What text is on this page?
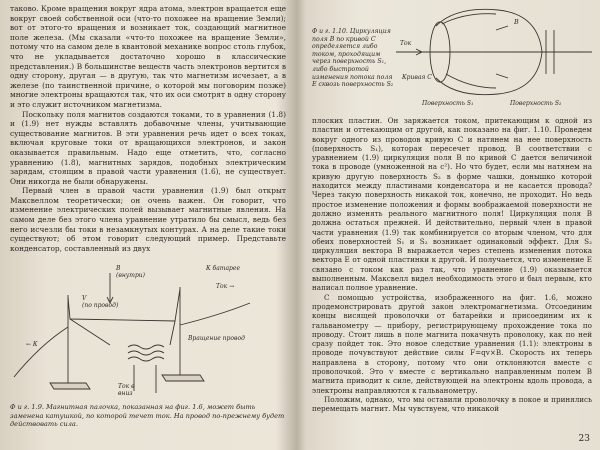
тaково. Кроме вращения вокруг ядра атома, электрон вращается еще вокруг своей собственной оси (что-то похожее на вращение Земли); вот от этого-то вращения и возникает ток, создающий магнитное поле железа. (Мы сказали «что-то похожее на вращение Земли», потому что на самом деле в квантовой механике вопрос столь глубок, что не укладывается достаточно хорошо в классические представления.) В большинстве веществ часть электронов вертится в одну сторону, другая — в другую, так что магнетизм исчезает, а в железе (по таинственной причине, о которой мы поговорим позже) многие электроны вращаются так, что их оси смотрят в одну сторону и это служит источником магнетизма.

Поскольку поля магнитов создаются токами, то в уравнения (1.8) и (1.9) нет нужды вставлять добавочные члены, учитывающие существование магнитов. В эти уравнения речь идет о всех токах, включая круговые токи от вращающихся электронов, и закон оказывается правильным. Надо еще отметить, что, согласно уравнению (1.8), магнитных зарядов, подобных электрическим зарядам, стоящим в правой части уравнения (1.6), не существует. Они никогда не были обнаружены.

Первый член в правой части уравнения (1.9) был открыт Максвеллом теоретически; он очень важен. Он говорит, что изменение электрических полей вызывает магнитные явления. На самом деле без этого члена уравнение утратило бы смысл, ведь без него исчезли бы токи в незамкнутых контурах. А на деле такие токи существуют; об этом говорит следующий пример. Представьте конденсатор, составленный из двух

B
(внутри)
Ток →
V
(по провод)
← К
К батарее
Вращение провод
Ток в
вниз

Ф и г. 1.9. Магнитная палочка, показанная на фиг. 1.6, может быть заменена катушкой, по которой течет ток. На провод по-прежнему будет действовать сила.

Ф и г. 1.10. Циркуляция поля B по кривой C определяется либо током, проходящим через поверхность S₁, либо быстротой изменения потока поля E сквозь поверхность S₂

Ток
B
Кривая C
Поверхность S₁	Поверхность S₂

плоских пластин. Он заряжается током, притекающим к одной из пластин и оттекающим от другой, как показано на фиг. 1.10. Проведем вокруг одного из проводов кривую C и натянем на нее поверхность (поверхность S₁), которая пересечет провод. В соответствии с уравнением (1.9) циркуляция поля B по кривой C дается величиной тока в проводе (умноженной на c²). Но что будет, если мы натянем на кривую другую поверхность S₂ в форме чашки, донышко которой находится между пластинами конденсатора и не касается провода? Через такую поверхность никакой ток, конечно, не проходит. Но ведь простое изменение положения и формы воображаемой поверхности не должно изменять реального магнитного поля! Циркуляция поля B должна остаться прежней. И действительно, первый член в правой части уравнения (1.9) так комбинируется со вторым членом, что для обеих поверхностей S₁ и S₂ возникает одинаковый эффект. Для S₂ циркуляция вектора B выражается через степень изменения потока вектора E от одной пластинки к другой. И получается, что изменение E связано с током как раз так, что уравнение (1.9) оказывается выполненным. Максвелл видел необходимость этого и был первым, кто написал полное уравнение.

С помощью устройства, изображенного на фиг. 1.6, можно продемонстрировать другой закон электромагнетизма. Отсоединим концы висящей проволочки от батарейки и присоединим их к гальванометру — прибору, регистрирующему прохождение тока по проводу. Стоит лишь в поле магнита покачнуть проволоку, как по ней сразу пойдет ток. Это новое следствие уравнения (1.1): электроны в проводе почувствуют действие силы F=qv×B. Скорость их теперь направлена в сторону, потому что они отклоняются вместе с проволочкой. Это v вместе с вертикально направленным полем B магнита приводит к силе, действующей на электроны вдоль провода, а электроны направляются к гальванометру.

Положим, однако, что мы оставили проволочку в покое и принялись перемещать магнит. Мы чувствуем, что никакой

23
